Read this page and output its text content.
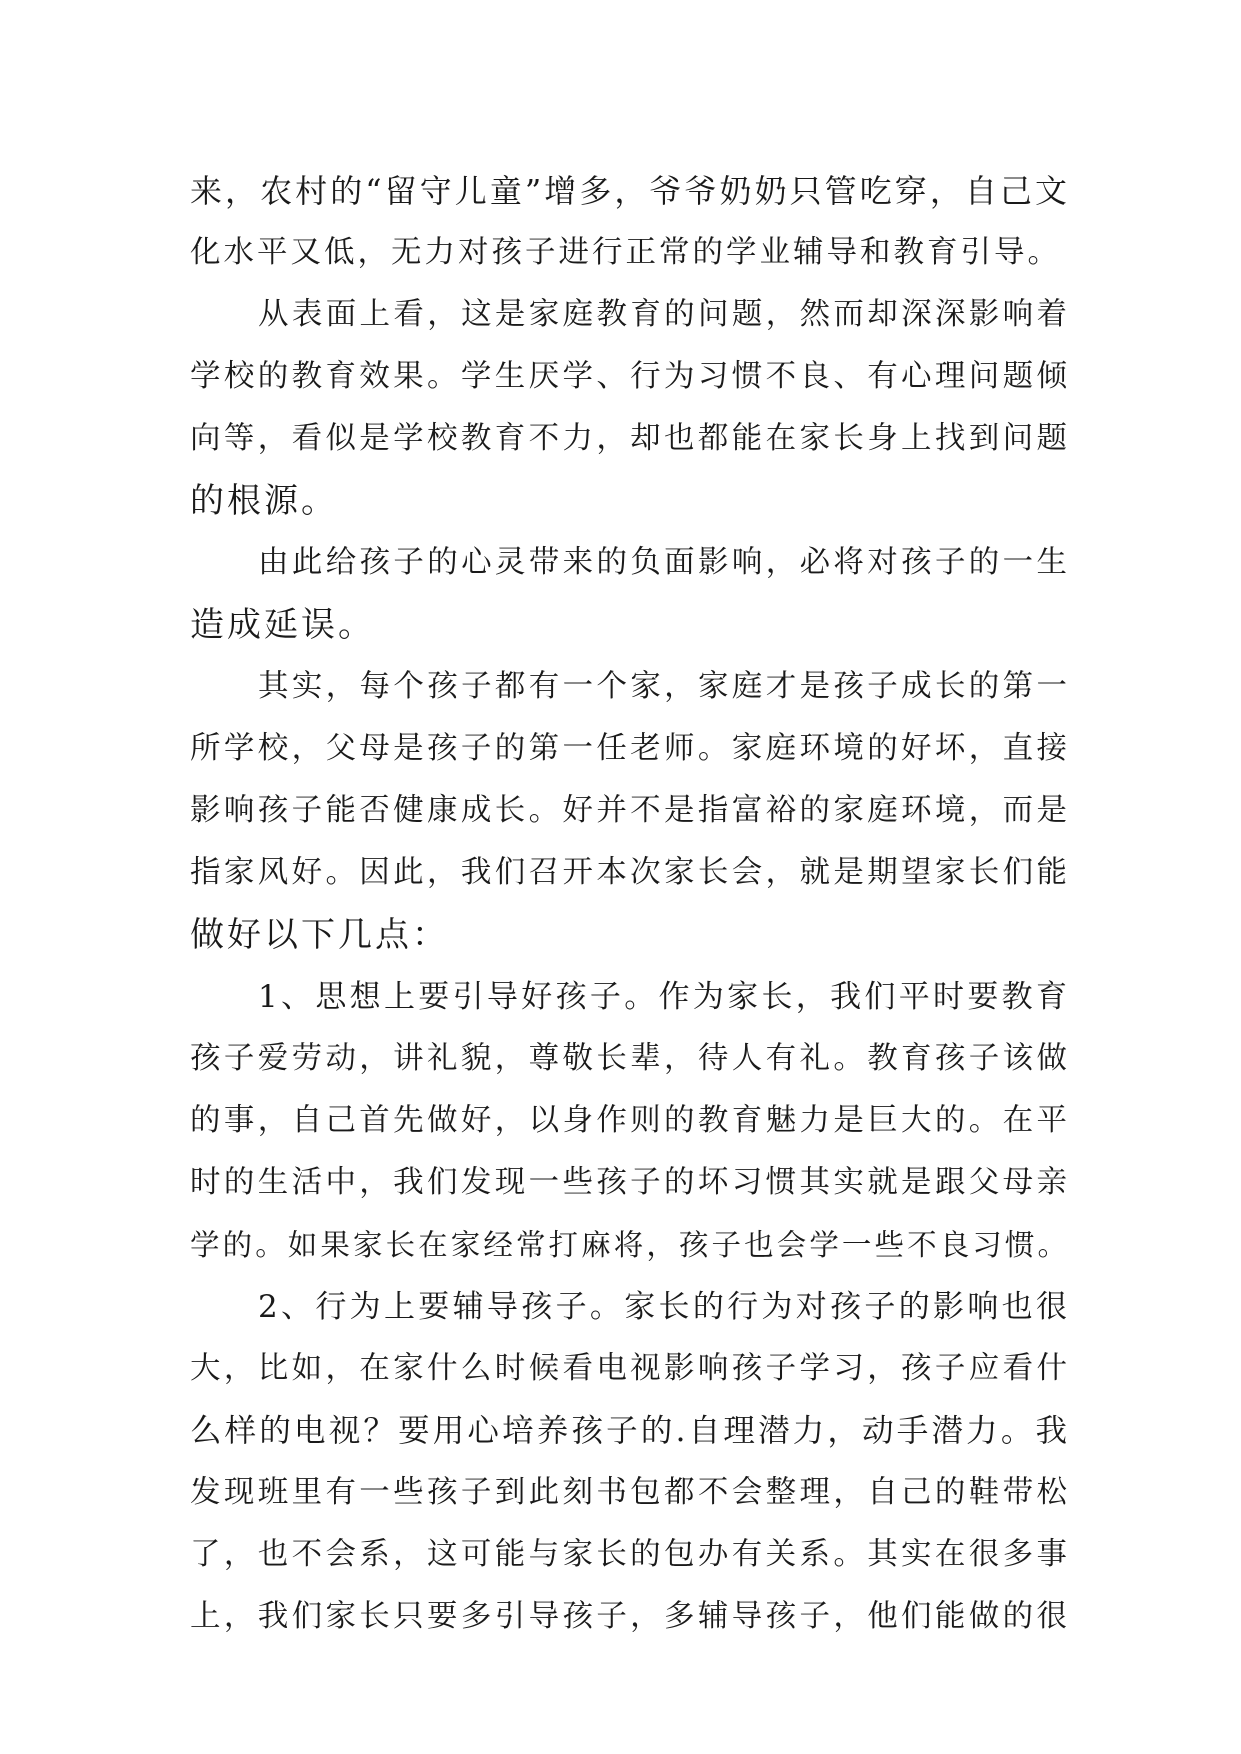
来，农村的“留守儿童”增多，爷爷奶奶只管吃穿，自己文
化水平又低，无力对孩子进行正常的学业辅导和教育引导。
从表面上看，这是家庭教育的问题，然而却深深影响着
学校的教育效果。学生厌学、行为习惯不良、有心理问题倾
向等，看似是学校教育不力，却也都能在家长身上找到问题
的根源。
由此给孩子的心灵带来的负面影响，必将对孩子的一生
造成延误。
其实，每个孩子都有一个家，家庭才是孩子成长的第一
所学校，父母是孩子的第一任老师。家庭环境的好坏，直接
影响孩子能否健康成长。好并不是指富裕的家庭环境，而是
指家风好。因此，我们召开本次家长会，就是期望家长们能
做好以下几点：
1、思想上要引导好孩子。作为家长，我们平时要教育
孩子爱劳动，讲礼貌，尊敬长辈，待人有礼。教育孩子该做
的事，自己首先做好，以身作则的教育魅力是巨大的。在平
时的生活中，我们发现一些孩子的坏习惯其实就是跟父母亲
学的。如果家长在家经常打麻将，孩子也会学一些不良习惯。
2、行为上要辅导孩子。家长的行为对孩子的影响也很
大，比如，在家什么时候看电视影响孩子学习，孩子应看什
么样的电视？要用心培养孩子的.自理潜力，动手潜力。我
发现班里有一些孩子到此刻书包都不会整理，自己的鞋带松
了，也不会系，这可能与家长的包办有关系。其实在很多事
上，我们家长只要多引导孩子，多辅导孩子，他们能做的很
